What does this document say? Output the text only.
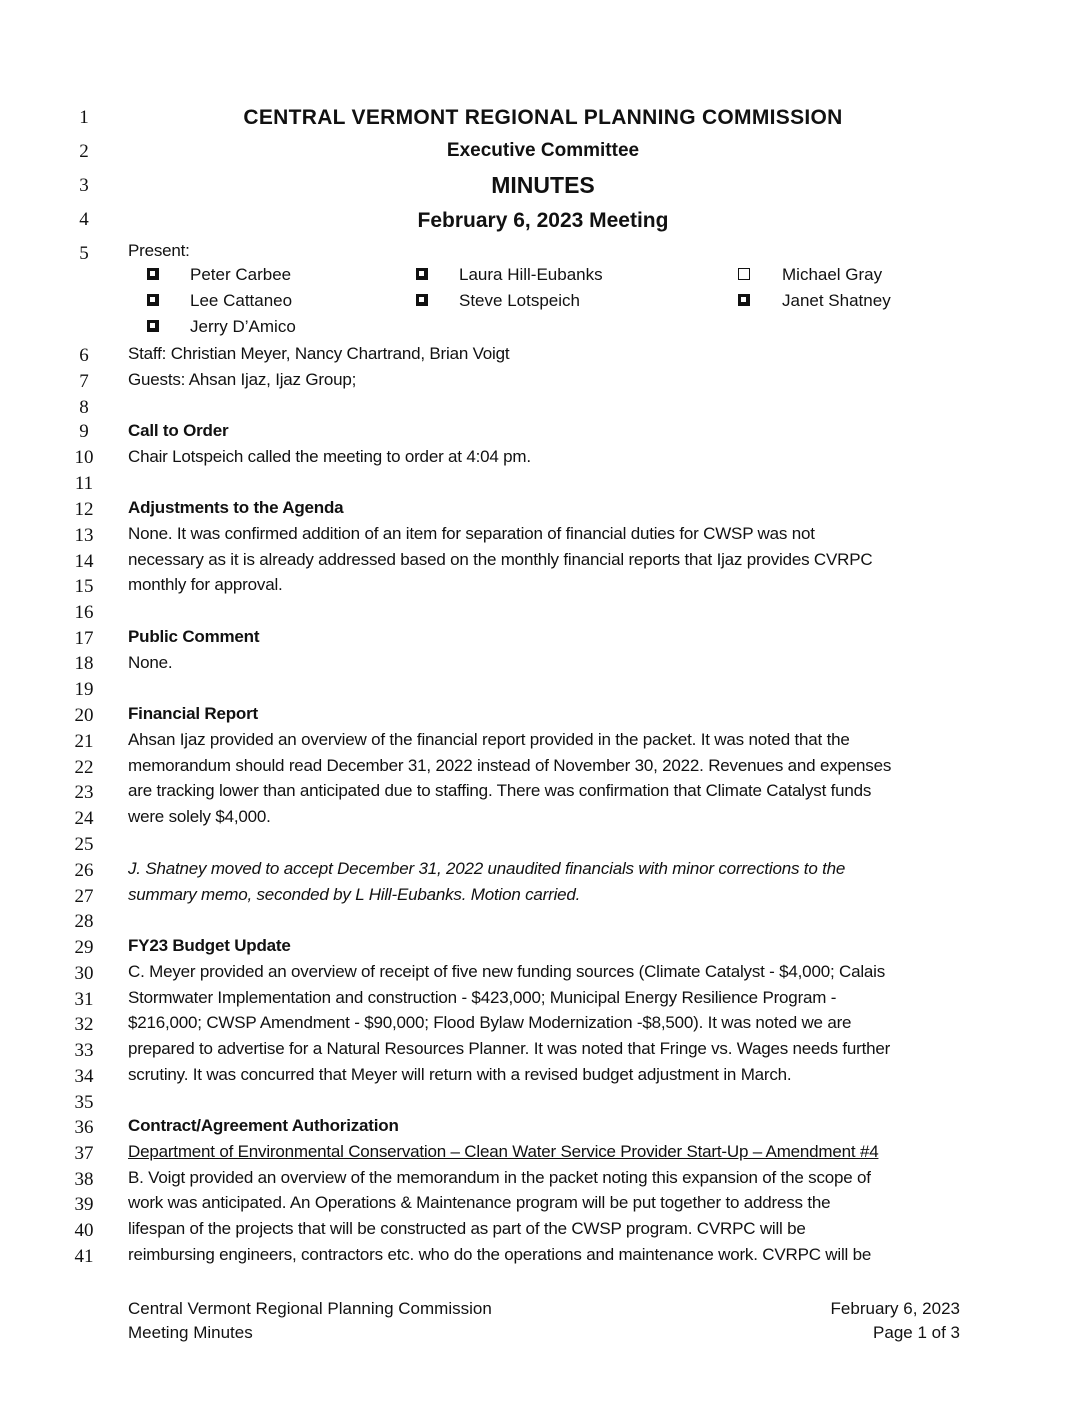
1
2
3
4
5
6
7
8
9
10
11
12
13
14
15
16
17
18
19
20
21
22
23
24
25
26
27
28
29
30
31
32
33
34
35
36
37
38
39
40
41
CENTRAL VERMONT REGIONAL PLANNING COMMISSION
Executive Committee
MINUTES
February 6, 2023 Meeting
Present:
Peter Carbee	Laura Hill-Eubanks	Michael Gray
Lee Cattaneo	Steve Lotspeich	Janet Shatney
Jerry D’Amico
Staff: Christian Meyer, Nancy Chartrand, Brian Voigt
Guests: Ahsan Ijaz, Ijaz Group;
Call to Order
Chair Lotspeich called the meeting to order at 4:04 pm.
Adjustments to the Agenda
None. It was confirmed addition of an item for separation of financial duties for CWSP was not
necessary as it is already addressed based on the monthly financial reports that Ijaz provides CVRPC
monthly for approval.
Public Comment
None.
Financial Report
Ahsan Ijaz provided an overview of the financial report provided in the packet. It was noted that the
memorandum should read December 31, 2022 instead of November 30, 2022. Revenues and expenses
are tracking lower than anticipated due to staffing. There was confirmation that Climate Catalyst funds
were solely $4,000.
J. Shatney moved to accept December 31, 2022 unaudited financials with minor corrections to the
summary memo, seconded by L Hill-Eubanks. Motion carried.
FY23 Budget Update
C. Meyer provided an overview of receipt of five new funding sources (Climate Catalyst - $4,000; Calais
Stormwater Implementation and construction - $423,000; Municipal Energy Resilience Program -
$216,000; CWSP Amendment - $90,000; Flood Bylaw Modernization -$8,500). It was noted we are
prepared to advertise for a Natural Resources Planner. It was noted that Fringe vs. Wages needs further
scrutiny. It was concurred that Meyer will return with a revised budget adjustment in March.
Contract/Agreement Authorization
Department of Environmental Conservation – Clean Water Service Provider Start-Up – Amendment #4
B. Voigt provided an overview of the memorandum in the packet noting this expansion of the scope of
work was anticipated. An Operations & Maintenance program will be put together to address the
lifespan of the projects that will be constructed as part of the CWSP program. CVRPC will be
reimbursing engineers, contractors etc. who do the operations and maintenance work. CVRPC will be
Central Vermont Regional Planning Commission
Meeting Minutes
February 6, 2023
Page 1 of 3
